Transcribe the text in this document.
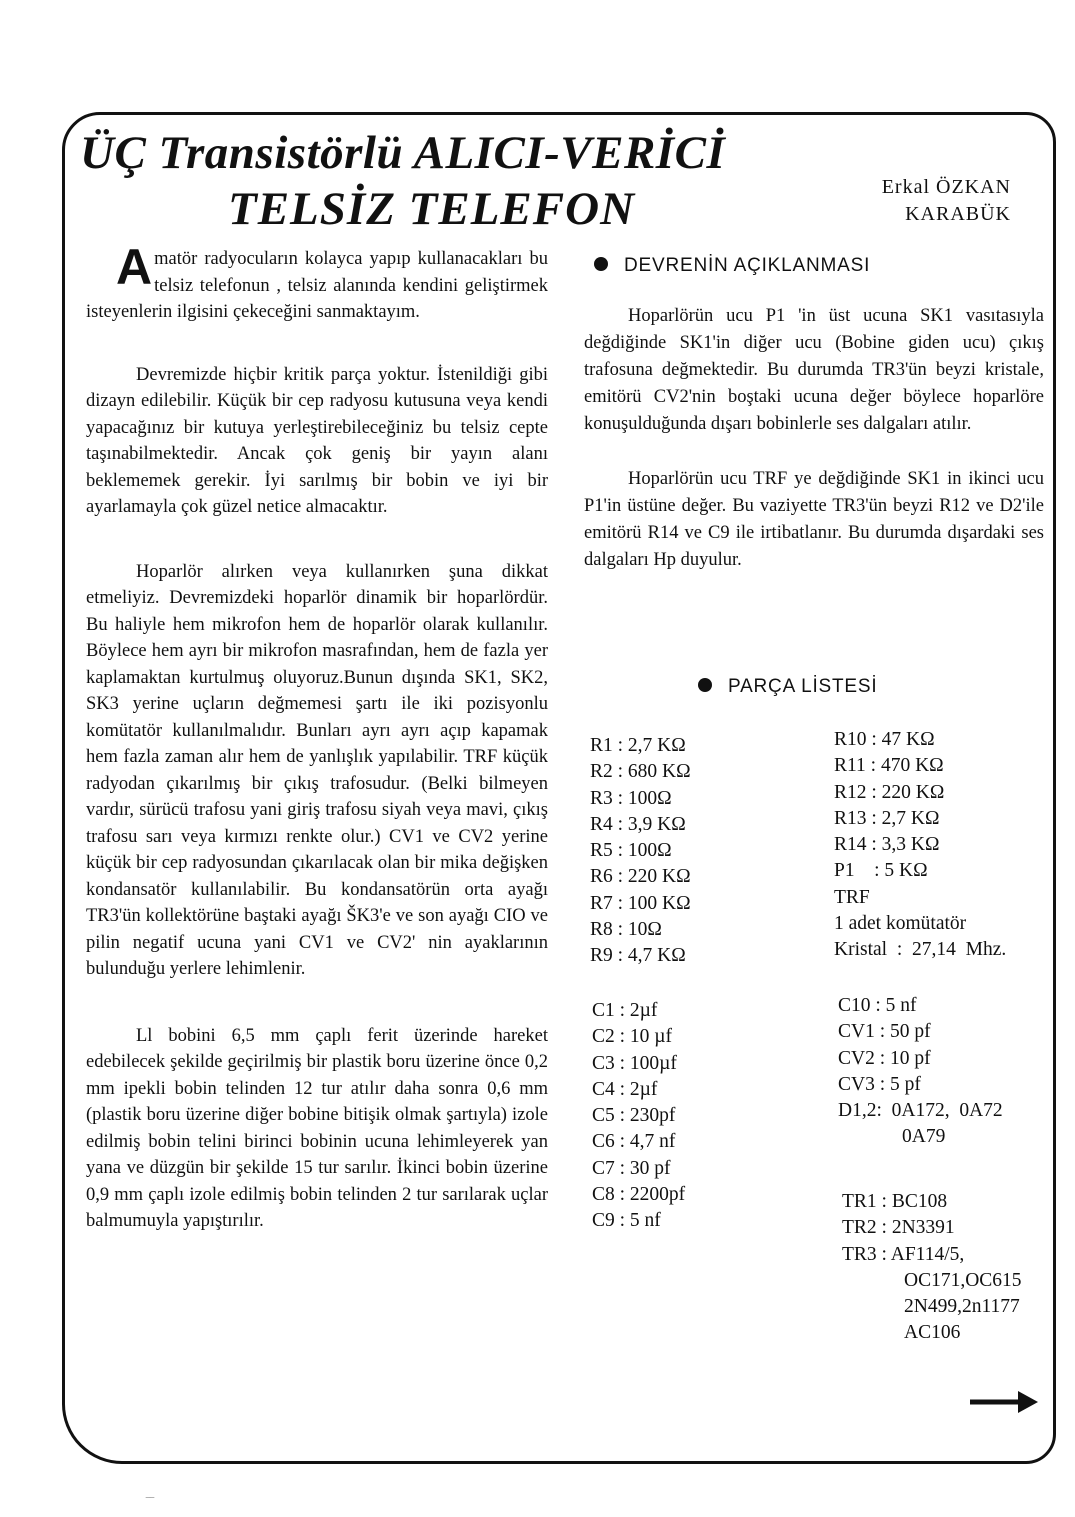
ÜÇ Transistörlü ALICI-VERİCİ
TELSİZ TELEFON	Erkal ÖZKAN
KARABÜK

Amatör radyocuların kolayca yapıp kullanacakları bu telsiz telefonun , telsiz alanında kendini geliştirmek isteyenlerin ilgisini çekeceğini sanmaktayım.

Devremizde hiçbir kritik parça yoktur. İstenildiği gibi dizayn edilebilir. Küçük bir cep radyosu kutusuna veya kendi yapacağınız bir kutuya yerleştirebileceğiniz bu telsiz cepte taşınabilmektedir. Ancak çok geniş bir yayın alanı beklememek gerekir. İyi sarılmış bir bobin ve iyi bir ayarlamayla çok güzel netice almacaktır.

Hoparlör alırken veya kullanırken şuna dikkat etmeliyiz. Devremizdeki hoparlör dinamik bir hoparlördür. Bu haliyle hem mikrofon hem de hoparlör olarak kullanılır. Böylece hem ayrı bir mikrofon masrafından, hem de fazla yer kaplamaktan kurtulmuş oluyoruz.Bunun dışında SK1, SK2, SK3 yerine uçların değmemesi şartı ile iki pozisyonlu komütatör kullanılmalıdır. Bunları ayrı ayrı açıp kapamak hem fazla zaman alır hem de yanlışlık yapılabilir. TRF küçük radyodan çıkarılmış bir çıkış trafosudur. (Belki bilmeyen vardır, sürücü trafosu yani giriş trafosu siyah veya mavi, çıkış trafosu sarı veya kırmızı renkte olur.) CV1 ve CV2 yerine küçük bir cep radyosundan çıkarılacak olan bir mika değişken kondansatör kullanılabilir. Bu kondansatörün orta ayağı TR3'ün kollektörüne baştaki ayağı ŠK3'e ve son ayağı CIO ve pilin negatif ucuna yani CV1 ve CV2' nin ayaklarının bulunduğu yerlere lehimlenir.

Ll bobini 6,5 mm çaplı ferit üzerinde hareket edebilecek şekilde geçirilmiş bir plastik boru üzerine önce 0,2 mm ipekli bobin telinden 12 tur atılır daha sonra 0,6 mm (plastik boru üzerine diğer bobine bitişik olmak şartıyla) izole edilmiş bobin telini birinci bobinin ucuna lehimleyerek yan yana ve düzgün bir şekilde 15 tur sarılır. İkinci bobin üzerine 0,9 mm çaplı izole edilmiş bobin telinden 2 tur sarılarak uçlar balmumuyla yapıştırılır.

DEVRENİN AÇIKLANMASI

Hoparlörün ucu P1 'in üst ucuna SK1 vasıtasıyla değdiğinde SK1'in diğer ucu (Bobine giden ucu) çıkış trafosuna değmektedir. Bu durumda TR3'ün beyzi kristale, emitörü CV2'nin boştaki ucuna değer böylece hoparlöre konuşulduğunda dışarı bobinlerle ses dalgaları atılır.

Hoparlörün ucu TRF ye değdiğinde SK1 in ikinci ucu P1'in üstüne değer. Bu vaziyette TR3'ün beyzi R12 ve D2'ile emitörü R14 ve C9 ile irtibatlanır. Bu durumda dışardaki ses dalgaları Hp duyulur.

PARÇA LİSTESİ
R1 : 2,7 KΩ
R2 : 680 KΩ
R3 : 100Ω
R4 : 3,9 KΩ
R5 : 100Ω
R6 : 220 KΩ
R7 : 100 KΩ
R8 : 10Ω
R9 : 4,7 KΩ
R10 : 47 KΩ
R11 : 470 KΩ
R12 : 220 KΩ
R13 : 2,7 KΩ
R14 : 3,3 KΩ
P1    : 5 KΩ
TRF
1 adet komütatör
Kristal  :  27,14  Mhz.
C1 : 2µf
C2 : 10 µf
C3 : 100µf
C4 : 2µf
C5 : 230pf
C6 : 4,7 nf
C7 : 30 pf
C8 : 2200pf
C9 : 5 nf
C10 : 5 nf
CV1 : 50 pf
CV2 : 10 pf
CV3 : 5 pf
D1,2:  0A172,  0A72
0A79
TR1 : BC108
TR2 : 2N3391
TR3 : AF114/5,
OC171,OC615
2N499,2n1177
AC106
‾‾
